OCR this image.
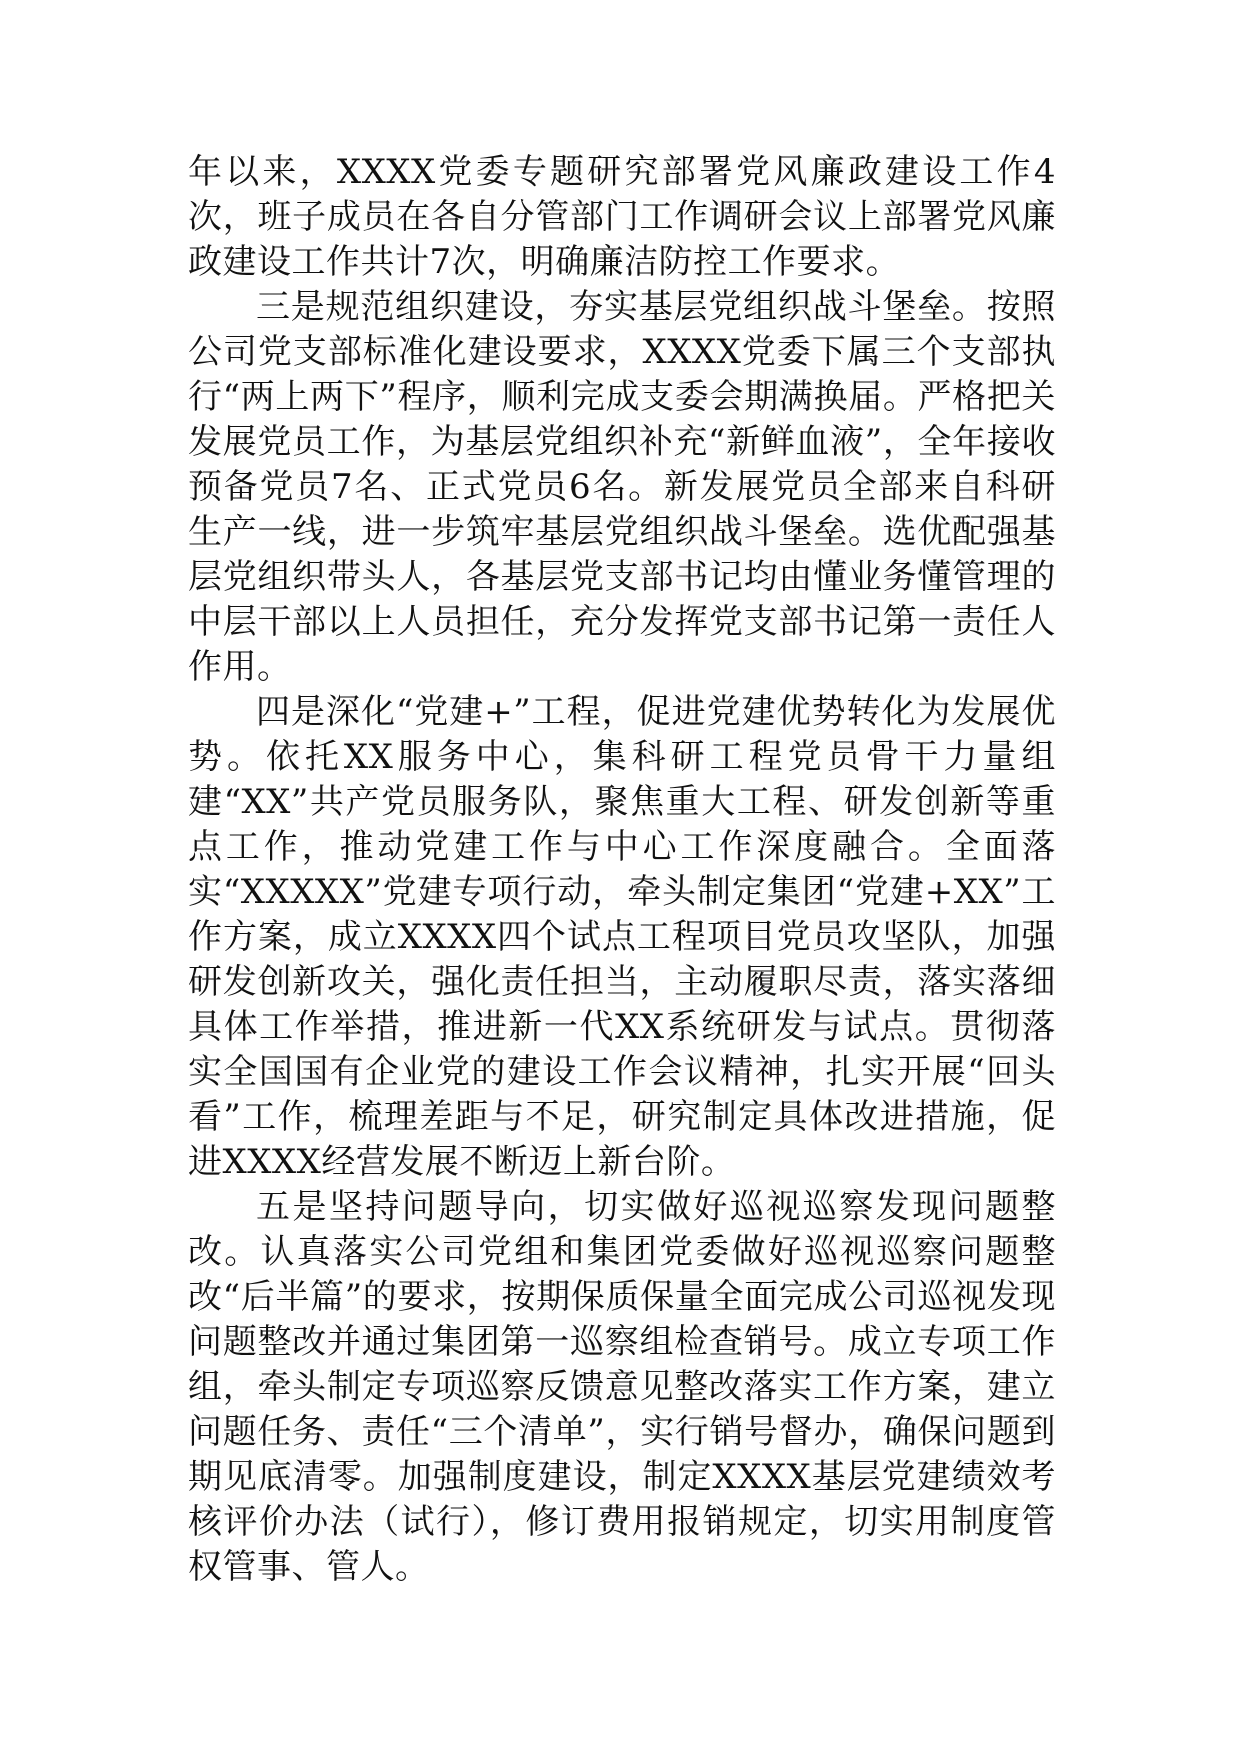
年以来，XXXX党委专题研究部署党风廉政建设工作4次，班子成员在各自分管部门工作调研会议上部署党风廉政建设工作共计7次，明确廉洁防控工作要求。

三是规范组织建设，夯实基层党组织战斗堡垒。按照公司党支部标准化建设要求，XXXX党委下属三个支部执行“两上两下”程序，顺利完成支委会期满换届。严格把关发展党员工作，为基层党组织补充“新鲜血液”，全年接收预备党员7名、正式党员6名。新发展党员全部来自科研生产一线，进一步筑牢基层党组织战斗堡垒。选优配强基层党组织带头人，各基层党支部书记均由懂业务懂管理的中层干部以上人员担任，充分发挥党支部书记第一责任人作用。

四是深化“党建+”工程，促进党建优势转化为发展优势。依托XX服务中心，集科研工程党员骨干力量组建“XX”共产党员服务队，聚焦重大工程、研发创新等重点工作，推动党建工作与中心工作深度融合。全面落实“XXXXX”党建专项行动，牵头制定集团“党建+XX”工作方案，成立XXXX四个试点工程项目党员攻坚队，加强研发创新攻关，强化责任担当，主动履职尽责，落实落细具体工作举措，推进新一代XX系统研发与试点。贯彻落实全国国有企业党的建设工作会议精神，扎实开展“回头看”工作，梳理差距与不足，研究制定具体改进措施，促进XXXX经营发展不断迈上新台阶。

五是坚持问题导向，切实做好巡视巡察发现问题整改。认真落实公司党组和集团党委做好巡视巡察问题整改“后半篇”的要求，按期保质保量全面完成公司巡视发现问题整改并通过集团第一巡察组检查销号。成立专项工作组，牵头制定专项巡察反馈意见整改落实工作方案，建立问题任务、责任“三个清单”，实行销号督办，确保问题到期见底清零。加强制度建设，制定XXXX基层党建绩效考核评价办法（试行），修订费用报销规定，切实用制度管权管事、管人。
